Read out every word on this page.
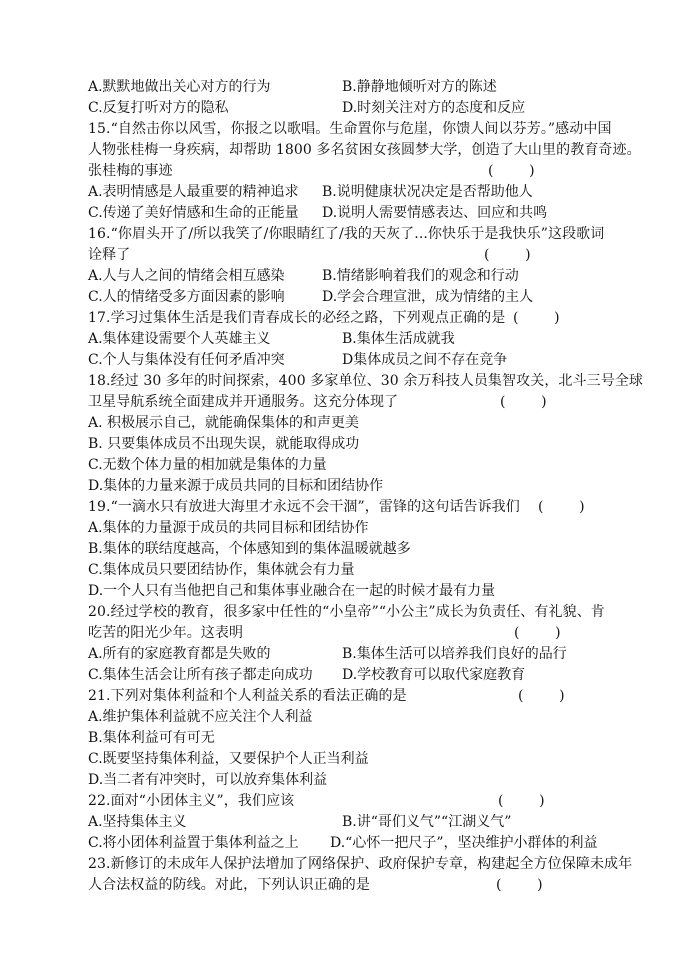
A.默默地做出关心对方的行为	B.静静地倾听对方的陈述
C.反复打听对方的隐私	D.时刻关注对方的态度和反应
15.“自然击你以风雪，你报之以歌唱。生命置你与危崖，你馈人间以芬芳。”感动中国
人物张桂梅一身疾病，却帮助 1800 多名贫困女孩圆梦大学，创造了大山里的教育奇迹。
张桂梅的事迹	(        )
A.表明情感是人最重要的精神追求 B.说明健康状况决定是否帮助他人
C.传递了美好情感和生命的正能量 D.说明人需要情感表达、回应和共鸣
16.“你眉头开了/所以我笑了/你眼睛红了/我的天灰了...你快乐于是我快乐”这段歌词
诠释了	(        )
A.人与人之间的情绪会相互感染	B.情绪影响着我们的观念和行动
C.人的情绪受多方面因素的影响	D.学会合理宣泄，成为情绪的主人
17.学习过集体生活是我们青春成长的必经之路，下列观点正确的是 (        )
A.集体建设需要个人英雄主义	B.集体生活成就我
C.个人与集体没有任何矛盾冲突	D集体成员之间不存在竞争
18.经过 30 多年的时间探索，400 多家单位、30 余万科技人员集智攻关，北斗三号全球
卫星导航系统全面建成并开通服务。这充分体现了	(        )
A. 积极展示自己，就能确保集体的和声更美
B. 只要集体成员不出现失误，就能取得成功
C.无数个体力量的相加就是集体的力量
D.集体的力量来源于成员共同的目标和团结协作
19.“一滴水只有放进大海里才永远不会干涸”，雷锋的这句话告诉我们	(        )
A.集体的力量源于成员的共同目标和团结协作
B.集体的联结度越高，个体感知到的集体温暖就越多
C.集体成员只要团结协作，集体就会有力量
D.一个人只有当他把自己和集体事业融合在一起的时候才最有力量
20.经过学校的教育，很多家中任性的“小皇帝”“小公主”成长为负责任、有礼貌、肯
吃苦的阳光少年。这表明	(        )
A.所有的家庭教育都是失败的	B.集体生活可以培养我们良好的品行
C.集体生活会让所有孩子都走向成功 D.学校教育可以取代家庭教育
21.下列对集体利益和个人利益关系的看法正确的是	(        )
A.维护集体利益就不应关注个人利益
B.集体利益可有可无
C.既要坚持集体利益，又要保护个人正当利益
D.当二者有冲突时，可以放弃集体利益
22.面对“小团体主义”，我们应该	(        )
A.坚持集体主义	B.讲“哥们义气”“江湖义气”
C.将小团体利益置于集体利益之上 D.“心怀一把尺子”，坚决维护小群体的利益
23.新修订的未成年人保护法增加了网络保护、政府保护专章，构建起全方位保障未成年
人合法权益的防线。对此，下列认识正确的是	(        )
